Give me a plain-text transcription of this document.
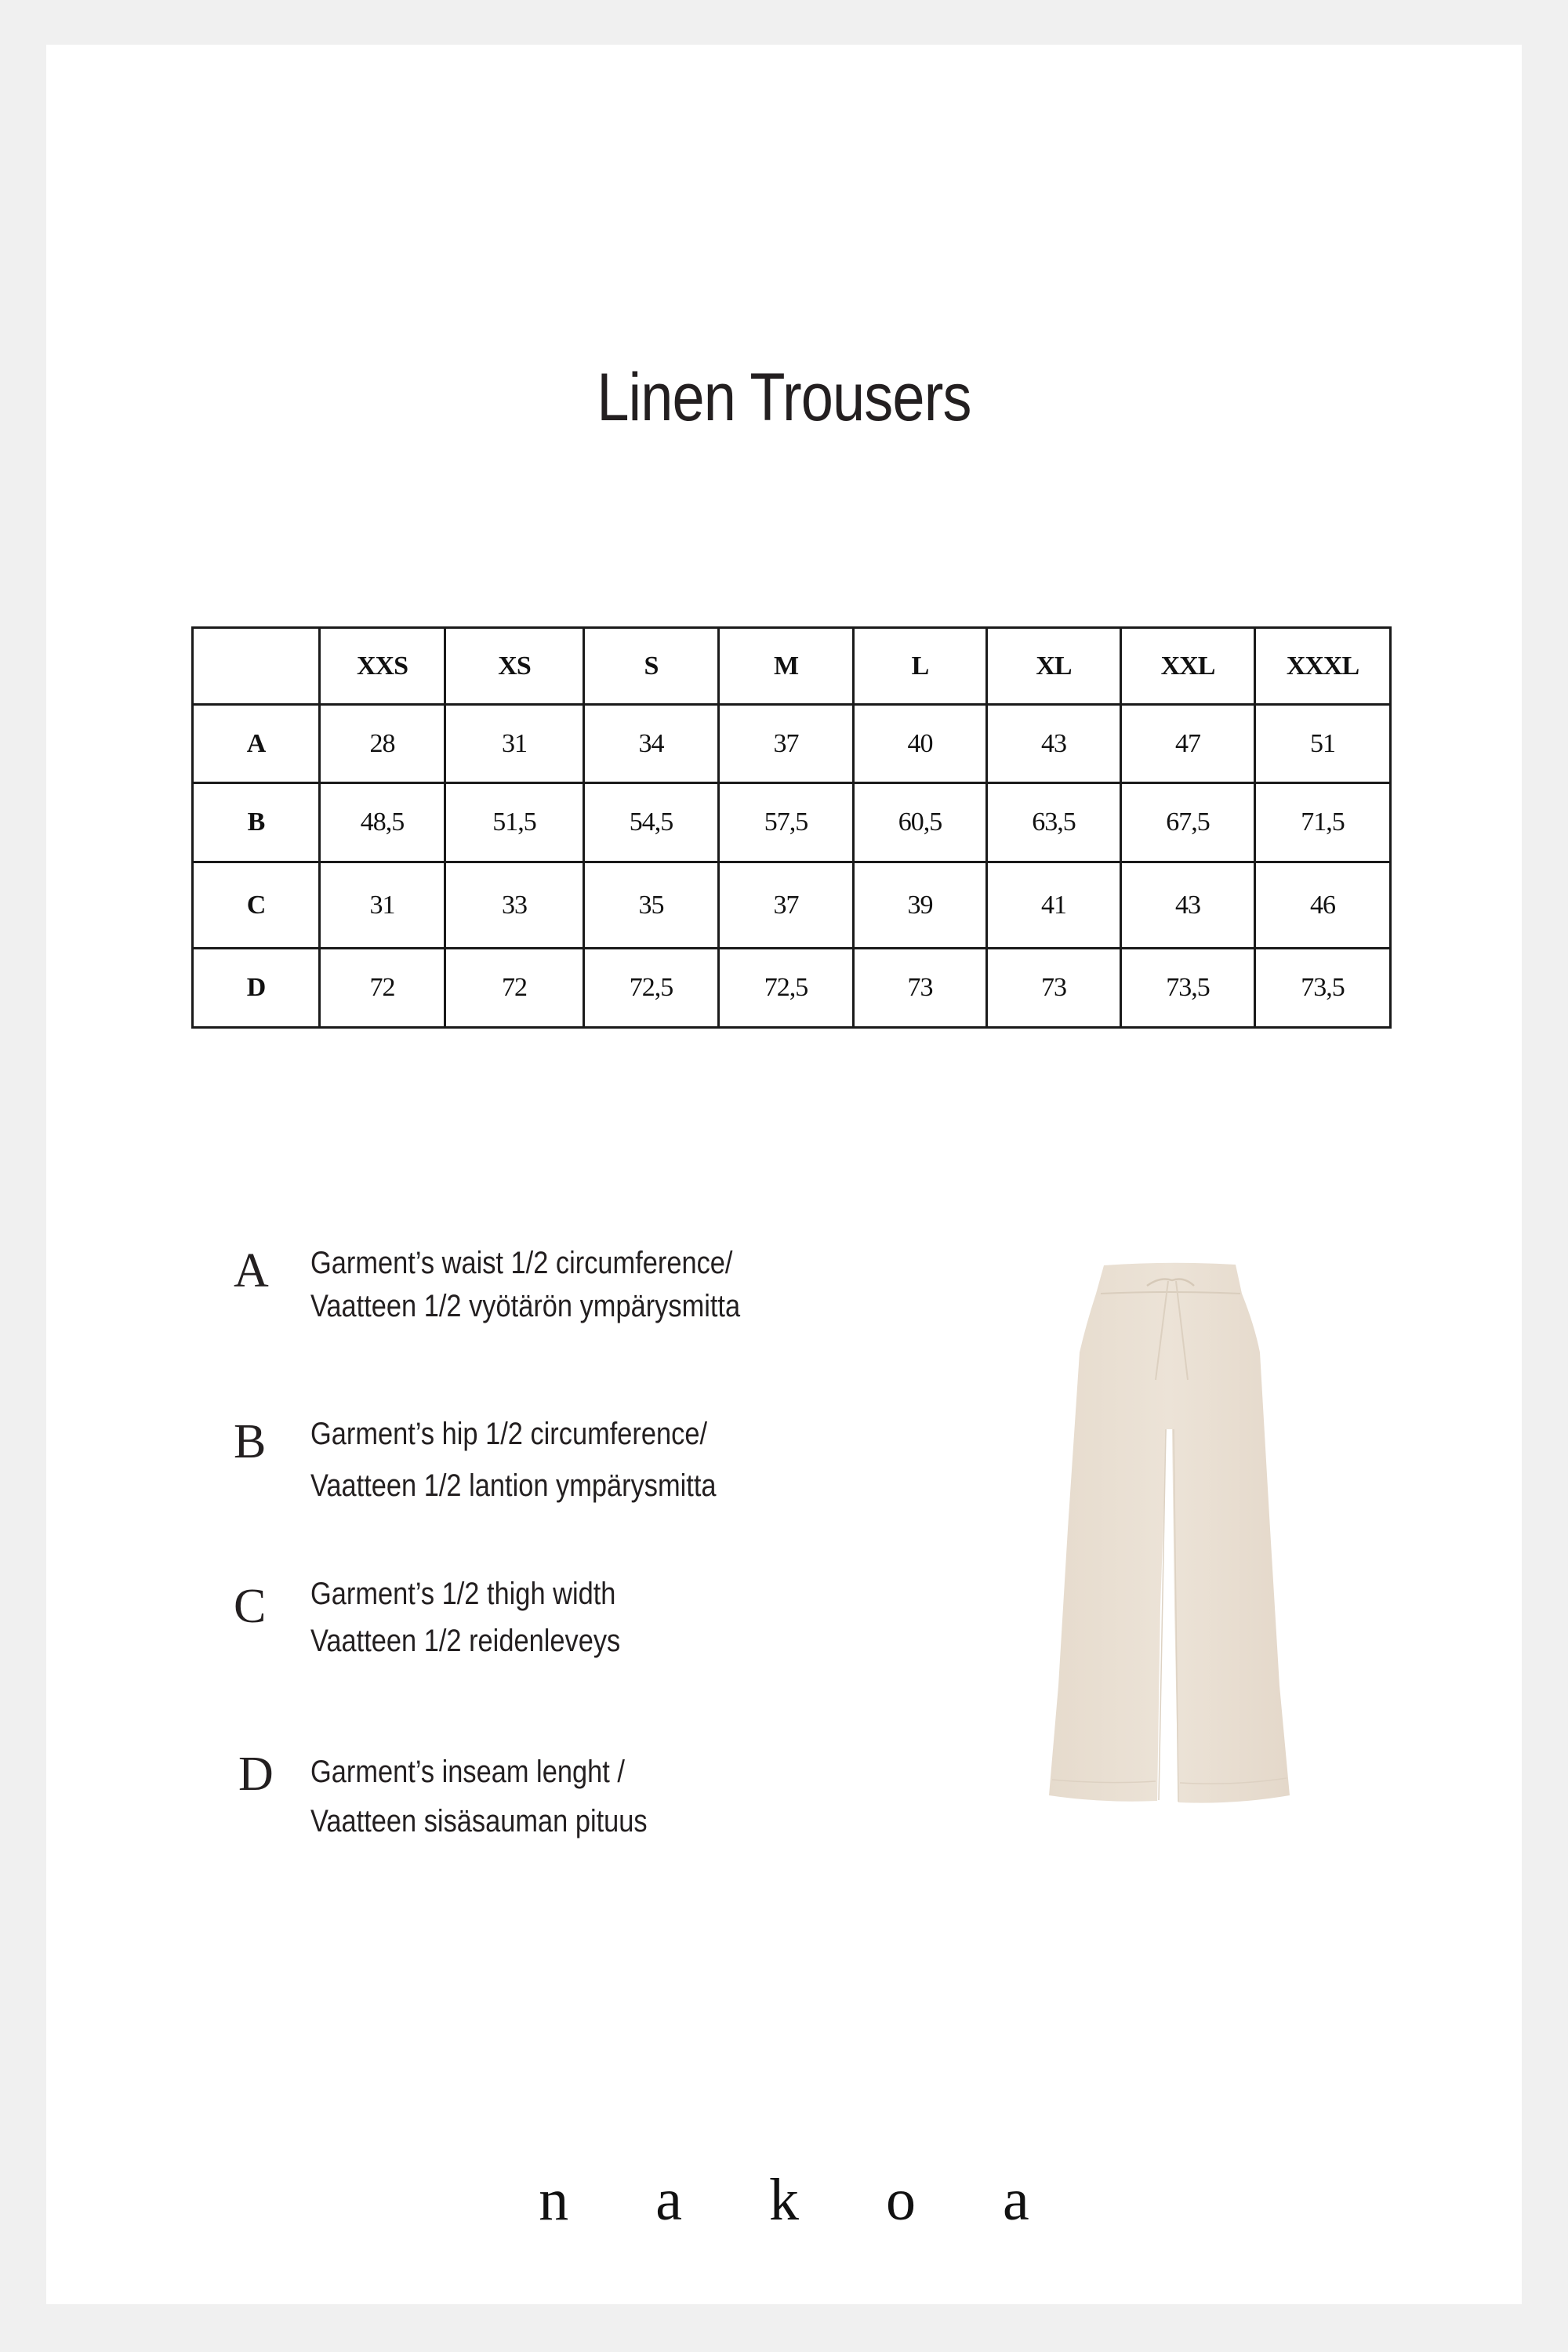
Linen Trousers
	XXS	XS	S	M	L	XL	XXL	XXXL
A	28	31	34	37	40	43	47	51
B	48,5	51,5	54,5	57,5	60,5	63,5	67,5	71,5
C	31	33	35	37	39	41	43	46
D	72	72	72,5	72,5	73	73	73,5	73,5
A Garment’s waist 1/2 circumference/
Vaatteen 1/2 vyötärön ympärysmitta
B Garment’s hip 1/2 circumference/
Vaatteen 1/2 lantion ympärysmitta
C Garment’s 1/2 thigh width
Vaatteen 1/2 reidenleveys
D Garment’s inseam lenght /
Vaatteen sisäsauman pituus
n a k o a
